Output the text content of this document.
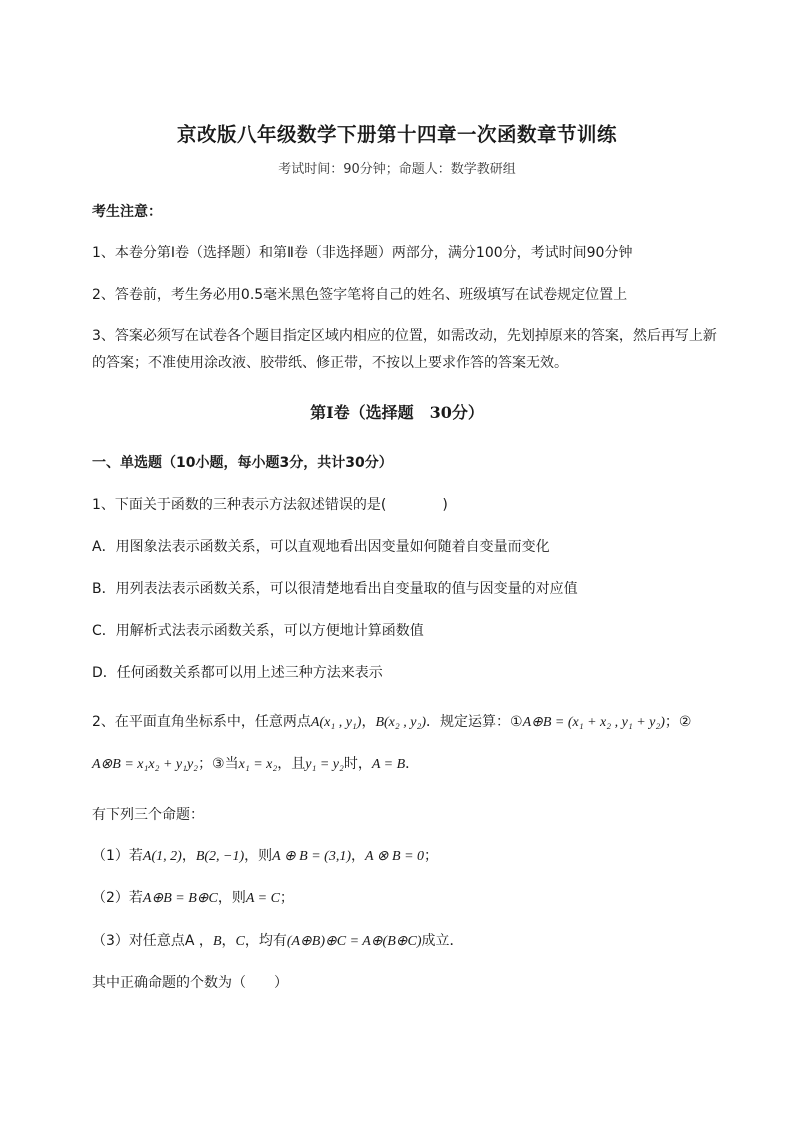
京改版八年级数学下册第十四章一次函数章节训练
考试时间：90分钟；命题人：数学教研组
考生注意：
1、本卷分第I卷（选择题）和第Ⅱ卷（非选择题）两部分，满分100分，考试时间90分钟
2、答卷前，考生务必用0.5毫米黑色签字笔将自己的姓名、班级填写在试卷规定位置上
3、答案必须写在试卷各个题目指定区域内相应的位置，如需改动，先划掉原来的答案，然后再写上新
的答案；不准使用涂改液、胶带纸、修正带，不按以上要求作答的答案无效。
第I卷（选择题　30分）
一、单选题（10小题，每小题3分，共计30分）
1、下面关于函数的三种表示方法叙述错误的是(　　　　)
A．用图象法表示函数关系，可以直观地看出因变量如何随着自变量而变化
B．用列表法表示函数关系，可以很清楚地看出自变量取的值与因变量的对应值
C．用解析式法表示函数关系，可以方便地计算函数值
D．任何函数关系都可以用上述三种方法来表示
2、在平面直角坐标系中，任意两点A(x₁ , y₁)，B(x₂ , y₂)．规定运算：①A⊕B = (x₁ + x₂ , y₁ + y₂)；②
A⊗B = x₁x₂ + y₁y₂；③当x₁ = x₂，且y₁ = y₂时，A = B．
有下列三个命题：
（1）若A(1, 2)，B(2, −1)，则A ⊕ B = (3,1)，A ⊗ B = 0；
（2）若A⊕B = B⊕C，则A = C；
（3）对任意点A ，B，C，均有(A⊕B)⊕C = A⊕(B⊕C)成立．
其中正确命题的个数为（　　）
